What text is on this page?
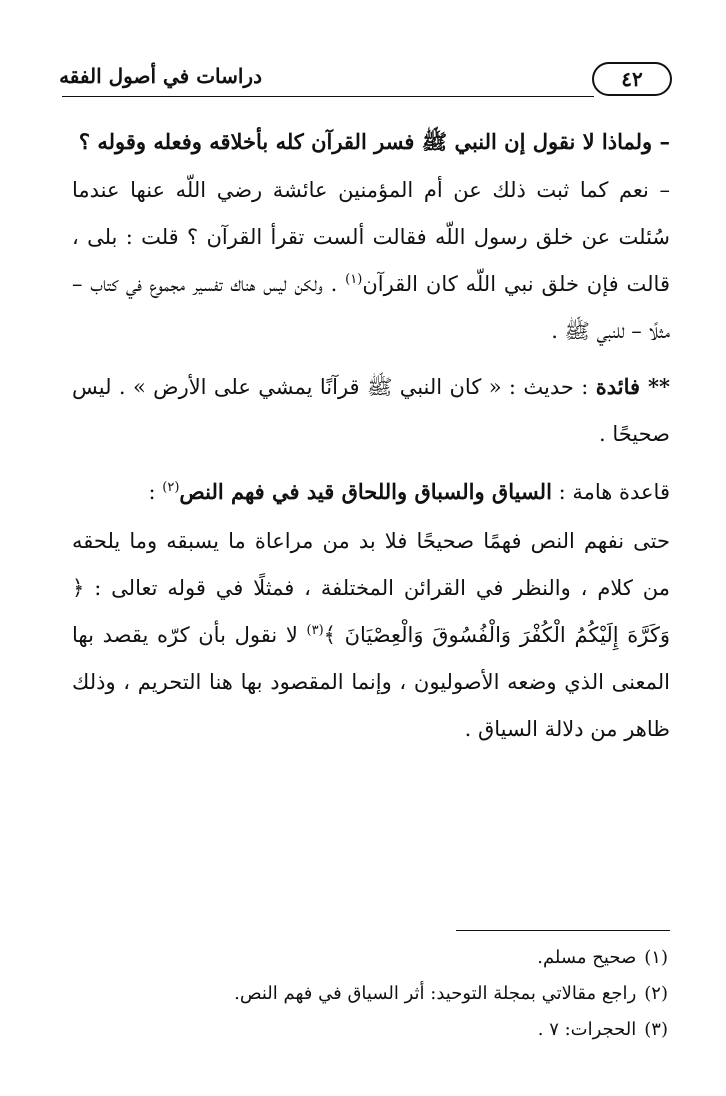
٤٢
دراسات في أصول الفقه

– ولماذا لا نقول إن النبي ﷺ فسر القرآن كله بأخلاقه وفعله وقوله ؟

– نعم كما ثبت ذلك عن أم المؤمنين عائشة رضي اللّه عنها عندما سُئلت عن خلق رسول اللّه فقالت ألست تقرأ القرآن ؟ قلت : بلى ، قالت فإن خلق نبي اللّه كان القرآن$^{(١)}$ . ولكن ليس هناك تفسير مجموع في كتاب – مثلًا – للنبي ﷺ .

** فائدة : حديث : « كان النبي ﷺ قرآنًا يمشي على الأرض » . ليس صحيحًا .

قاعدة هامة : السياق والسباق واللحاق قيد في فهم النص$^{(٢)}$ :

حتى نفهم النص فهمًا صحيحًا فلا بد من مراعاة ما يسبقه وما يلحقه من كلام ، والنظر في القرائن المختلفة ، فمثلًا في قوله تعالى : ﴿ وَكَرَّهَ إِلَيْكُمُ الْكُفْرَ وَالْفُسُوقَ وَالْعِصْيَانَ ﴾$^{(٣)}$ لا نقول بأن كرّه يقصد بها المعنى الذي وضعه الأصوليون ، وإنما المقصود بها هنا التحريم ، وذلك ظاهر من دلالة السياق .

(١)صحيح مسلم.

(٢)راجع مقالاتي بمجلة التوحيد: أثر السياق في فهم النص.

(٣)الحجرات: ٧ .
